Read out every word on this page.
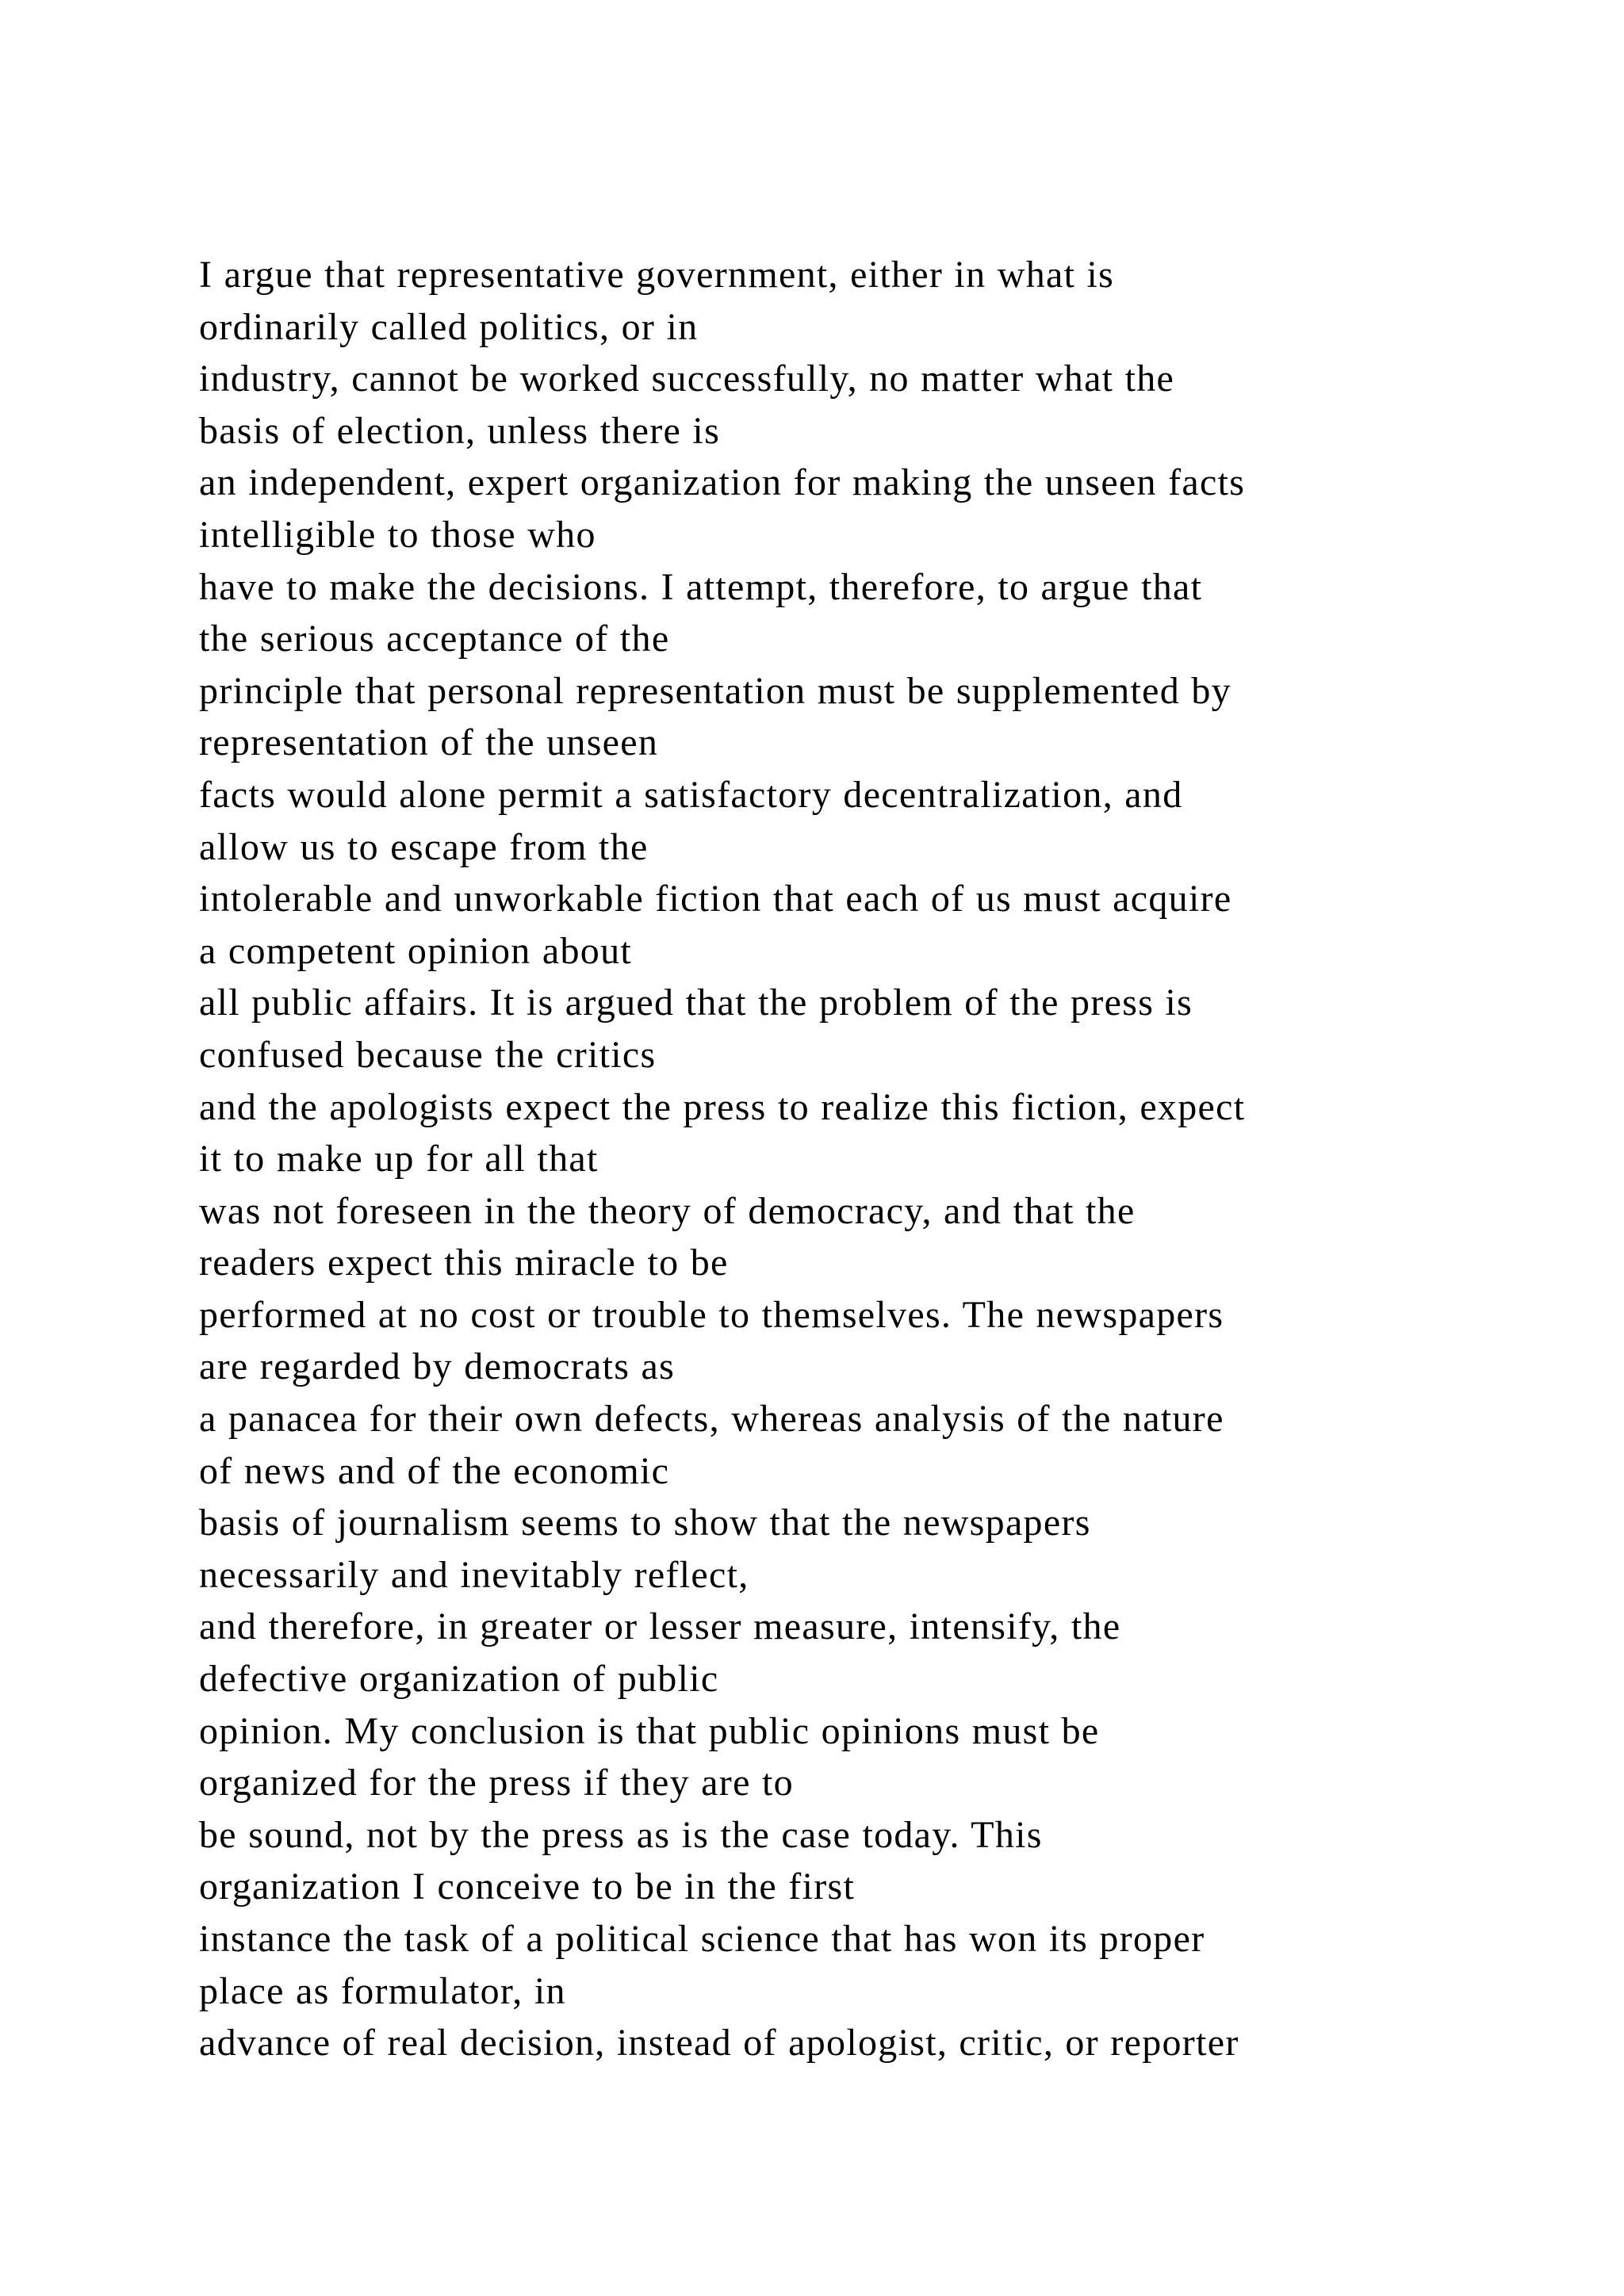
I argue that representative government, either in what is
ordinarily called politics, or in
industry, cannot be worked successfully, no matter what the
basis of election, unless there is
an independent, expert organization for making the unseen facts
intelligible to those who
have to make the decisions. I attempt, therefore, to argue that
the serious acceptance of the
principle that personal representation must be supplemented by
representation of the unseen
facts would alone permit a satisfactory decentralization, and
allow us to escape from the
intolerable and unworkable fiction that each of us must acquire
a competent opinion about
all public affairs. It is argued that the problem of the press is
confused because the critics
and the apologists expect the press to realize this fiction, expect
it to make up for all that
was not foreseen in the theory of democracy, and that the
readers expect this miracle to be
performed at no cost or trouble to themselves. The newspapers
are regarded by democrats as
a panacea for their own defects, whereas analysis of the nature
of news and of the economic
basis of journalism seems to show that the newspapers
necessarily and inevitably reflect,
and therefore, in greater or lesser measure, intensify, the
defective organization of public
opinion. My conclusion is that public opinions must be
organized for the press if they are to
be sound, not by the press as is the case today. This
organization I conceive to be in the first
instance the task of a political science that has won its proper
place as formulator, in
advance of real decision, instead of apologist, critic, or reporter
